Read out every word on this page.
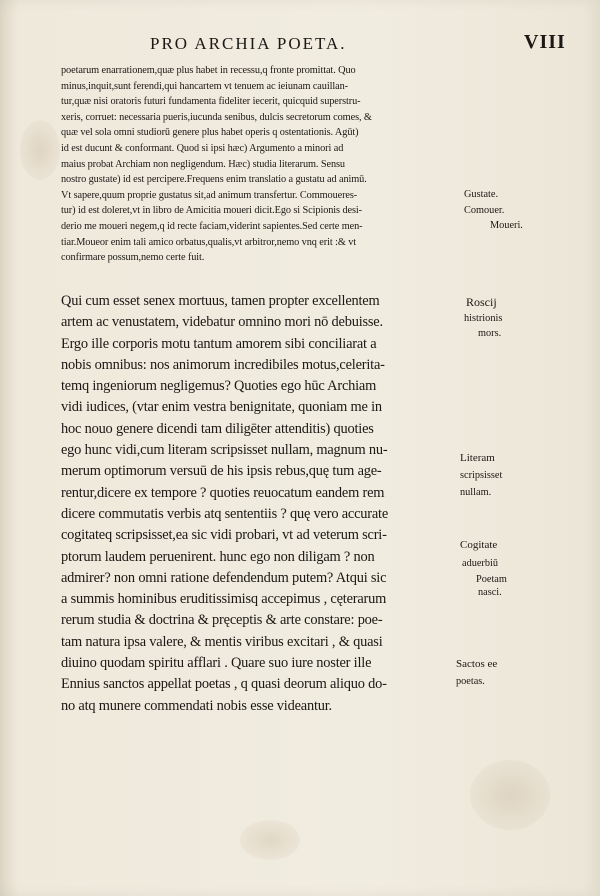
PRO ARCHIA POETA.	VIII
poetarum enarrationem,quæ plus habet in recessu,q fronte promittat. Quo
minus,inquit,sunt ferendi,qui hancartem vt tenuem ac ieiunam cauillan-
tur,quæ nisi oratoris futuri fundamenta fideliter iecerit, quicquid superstru-
xeris, corruet: necessaria pueris,iucunda senibus, dulcis secretorum comes, &
quæ vel sola omni studiorū genere plus habet operis q ostentationis. Agūt)
id est ducunt & conformant. Quod si ipsi hæc) Argumento a minori ad
maius probat Archiam non negligendum. Hæc) studia literarum. Sensu
nostro gustate) id est percipere.Frequens enim translatio a gustatu ad animū.
Vt sapere,quum proprie gustatus sit,ad animum transfertur. Commoueres-
tur) id est doleret,vt in libro de Amicitia moueri dicit.Ego si Scipionis desi-
derio me moueri negem,q id recte faciam,viderint sapientes.Sed certe men-
tiar.Moueor enim tali amico orbatus,qualis,vt arbitror,nemo vnq erit :& vt
confirmare possum,nemo certe fuit.
Qui cum esset senex mortuus, tamen propter excellentem
artem ac venustatem, videbatur omnino mori nō debuisse.
Ergo ille corporis motu tantum amorem sibi conciliarat a
nobis omnibus: nos animorum incredibiles motus,celerita-
temq ingeniorum negligemus? Quoties ego hūc Archiam
vidi iudices, (vtar enim vestra benignitate, quoniam me in
hoc nouo genere dicendi tam diligēter attenditis) quoties
ego hunc vidi,cum literam scripsisset nullam, magnum nu-
merum optimorum versuū de his ipsis rebus,quę tum age-
rentur,dicere ex tempore ? quoties reuocatum eandem rem
dicere commutatis verbis atq sententiis ? quę vero accurate
cogitateq scripsisset,ea sic vidi probari, vt ad veterum scri-
ptorum laudem peruenirent. hunc ego non diligam ? non
admirer? non omni ratione defendendum putem? Atqui sic
a summis hominibus eruditissimisq accepimus , cęterarum
rerum studia & doctrina & pręceptis & arte constare: poe-
tam natura ipsa valere, & mentis viribus excitari , & quasi
diuino quodam spiritu afflari . Quare suo iure noster ille
Ennius sanctos appellat poetas , q quasi deorum aliquo do-
no atq munere commendati nobis esse videantur.
Gustate.
Comouer.
Moueri.
Roscij
histrionis
mors.
Literam
scripsisset
nullam.
Cogitate
aduerbiū
Poetam
nasci.
Sactos ee
poetas.
